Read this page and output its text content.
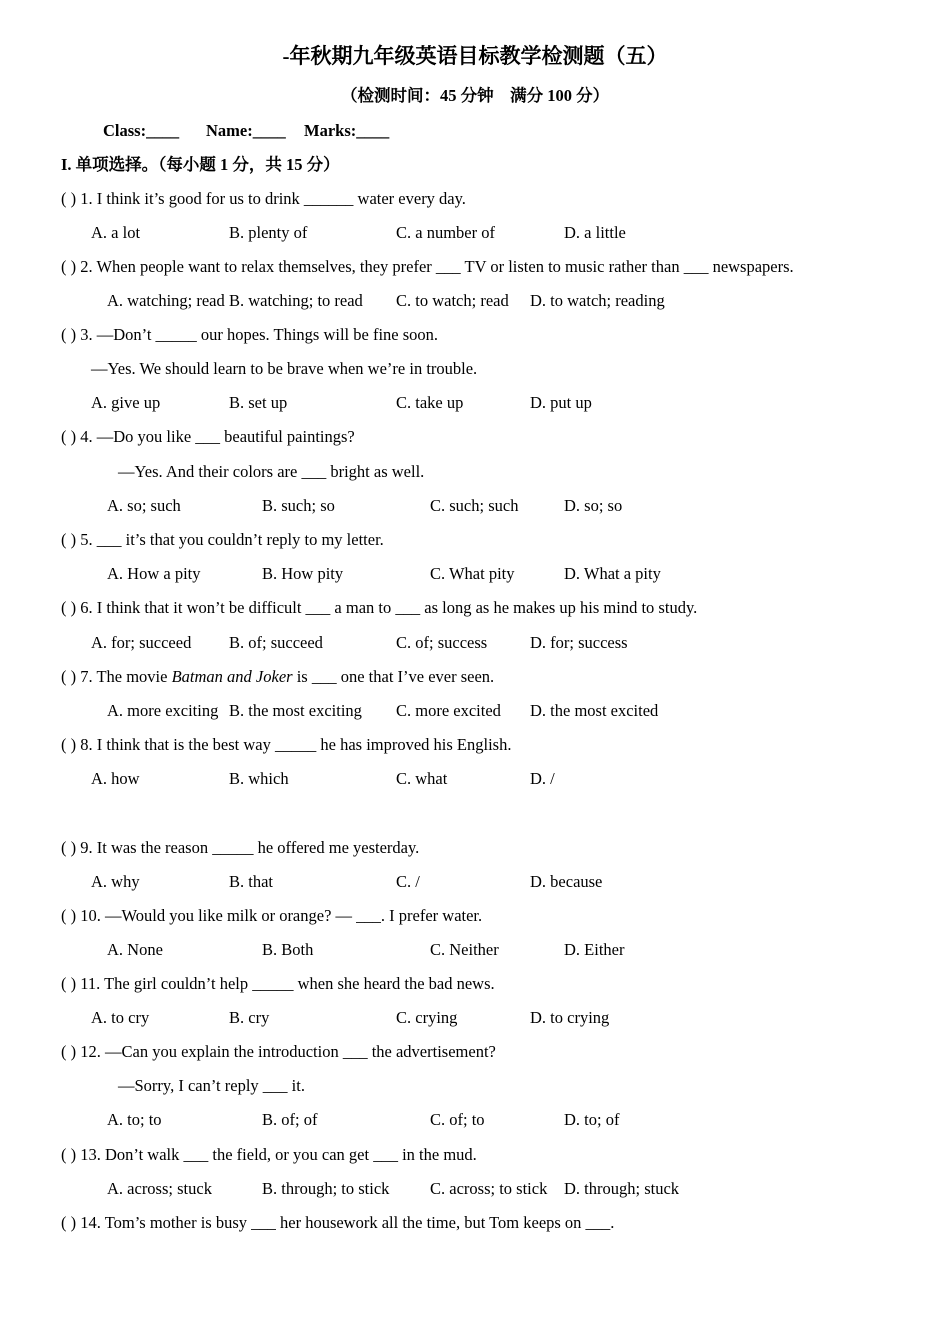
-年秋期九年级英语目标教学检测题（五）
（检测时间：45 分钟　满分 100 分）
Class:____ Name:____ Marks:____
I. 单项选择。（每小题 1 分，共 15 分）
( ) 1. I think it’s good for us to drink ______ water every day.
A. a lot	B. plenty of	C. a number of	D. a little
( ) 2. When people want to relax themselves, they prefer ___ TV or listen to music rather than ___ newspapers.
A. watching; read B. watching; to read C. to watch; read D. to watch; reading
( ) 3. —Don’t _____ our hopes. Things will be fine soon.
—Yes. We should learn to be brave when we’re in trouble.
A. give up	B. set up	C. take up	D. put up
( ) 4. —Do you like ___ beautiful paintings?
—Yes. And their colors are ___ bright as well.
A. so; such	B. such; so	C. such; such	D. so; so
( ) 5. ___ it’s that you couldn’t reply to my letter.
A. How a pity	B. How pity	C. What pity	D. What a pity
( ) 6. I think that it won’t be difficult ___ a man to ___ as long as he makes up his mind to study.
A. for; succeed B. of; succeed	C. of; success	D. for; success
( ) 7. The movie Batman and Joker is ___ one that I’ve ever seen.
A. more exciting B. the most exciting C. more excited D. the most excited
( ) 8. I think that is the best way _____ he has improved his English.
A. how	B. which	C. what	D. /
( ) 9. It was the reason _____ he offered me yesterday.
A. why	B. that	C. /	D. because
( ) 10. —Would you like milk or orange? — ___. I prefer water.
A. None	B. Both	C. Neither	D. Either
( ) 11. The girl couldn’t help _____ when she heard the bad news.
A. to cry	B. cry	C. crying	D. to crying
( ) 12. —Can you explain the introduction ___ the advertisement?
—Sorry, I can’t reply ___ it.
A. to; to	B. of; of	C. of; to	D. to; of
( ) 13. Don’t walk ___ the field, or you can get ___ in the mud.
A. across; stuck	B. through; to stick C. across; to stick D. through; stuck
( ) 14. Tom’s mother is busy ___ her housework all the time, but Tom keeps on ___.
